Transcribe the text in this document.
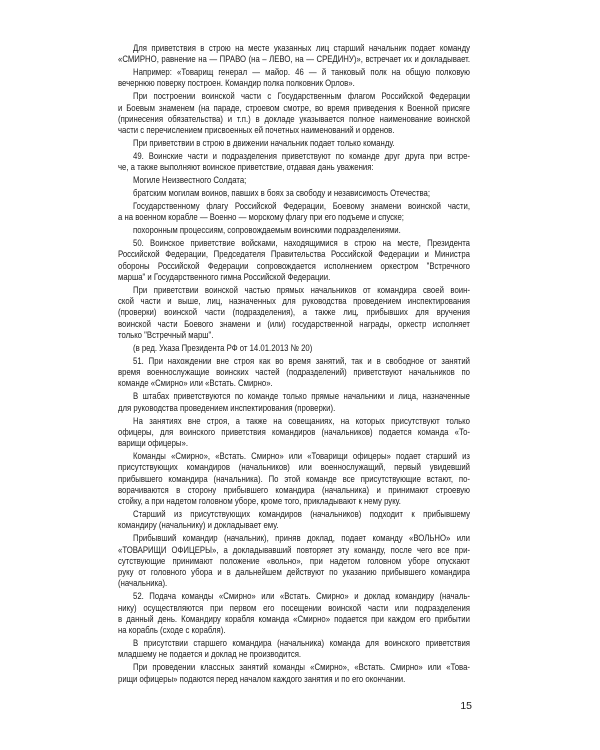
Для приветствия в строю на месте указанных лиц старший начальник подает команду
«СМИРНО, равнение на — ПРАВО (на – ЛЕВО, на — СРЕДИНУ)», встречает их и докладывает.
Например: «Товарищ генерал — майор. 46 — й танковый полк на общую полковую
вечернюю поверку построен. Командир полка полковник Орлов».
При построении воинской части с Государственным флагом Российской Федерации
и Боевым знаменем (на параде, строевом смотре, во время приведения к Военной присяге
(принесения обязательства) и т.п.) в докладе указывается полное наименование воинской
части с перечислением присвоенных ей почетных наименований и орденов.
При приветствии в строю в движении начальник подает только команду.
49. Воинские части и подразделения приветствуют по команде друг друга при встре-
че, а также выполняют воинское приветствие, отдавая дань уважения:
Могиле Неизвестного Солдата;
братским могилам воинов, павших в боях за свободу и независимость Отечества;
Государственному флагу Российской Федерации, Боевому знамени воинской части,
а на военном корабле — Военно — морскому флагу при его подъеме и спуске;
похоронным процессиям, сопровождаемым воинскими подразделениями.
50. Воинское приветствие войсками, находящимися в строю на месте, Президента
Российской Федерации, Председателя Правительства Российской Федерации и Министра
обороны Российской Федерации сопровождается исполнением оркестром "Встречного
марша" и Государственного гимна Российской Федерации.
При приветствии воинской частью прямых начальников от командира своей воин-
ской части и выше, лиц, назначенных для руководства проведением инспектирования
(проверки) воинской части (подразделения), а также лиц, прибывших для вручения
воинской части Боевого знамени и (или) государственной награды, оркестр исполняет
только "Встречный марш".
(в ред. Указа Президента РФ от 14.01.2013 № 20)
51. При нахождении вне строя как во время занятий, так и в свободное от занятий
время военнослужащие воинских частей (подразделений) приветствуют начальников по
команде «Смирно» или «Встать. Смирно».
В штабах приветствуются по команде только прямые начальники и лица, назначенные
для руководства проведением инспектирования (проверки).
На занятиях вне строя, а также на совещаниях, на которых присутствуют только
офицеры, для воинского приветствия командиров (начальников) подается команда «То-
варищи офицеры».
Команды «Смирно», «Встать. Смирно» или «Товарищи офицеры» подает старший из
присутствующих командиров (начальников) или военнослужащий, первый увидевший
прибывшего командира (начальника). По этой команде все присутствующие встают, по-
ворачиваются в сторону прибывшего командира (начальника) и принимают строевую
стойку, а при надетом головном уборе, кроме того, прикладывают к нему руку.
Старший из присутствующих командиров (начальников) подходит к прибывшему
командиру (начальнику) и докладывает ему.
Прибывший командир (начальник), приняв доклад, подает команду «ВОЛЬНО» или
«ТОВАРИЩИ ОФИЦЕРЫ», а докладывавший повторяет эту команду, после чего все при-
сутствующие принимают положение «вольно», при надетом головном уборе опускают
руку от головного убора и в дальнейшем действуют по указанию прибывшего командира
(начальника).
52. Подача команды «Смирно» или «Встать. Смирно» и доклад командиру (началь-
нику) осуществляются при первом его посещении воинской части или подразделения
в данный день. Командиру корабля команда «Смирно» подается при каждом его прибытии
на корабль (сходе с корабля).
В присутствии старшего командира (начальника) команда для воинского приветствия
младшему не подается и доклад не производится.
При проведении классных занятий команды «Смирно», «Встать. Смирно» или «Това-
рищи офицеры» подаются перед началом каждого занятия и по его окончании.
15
